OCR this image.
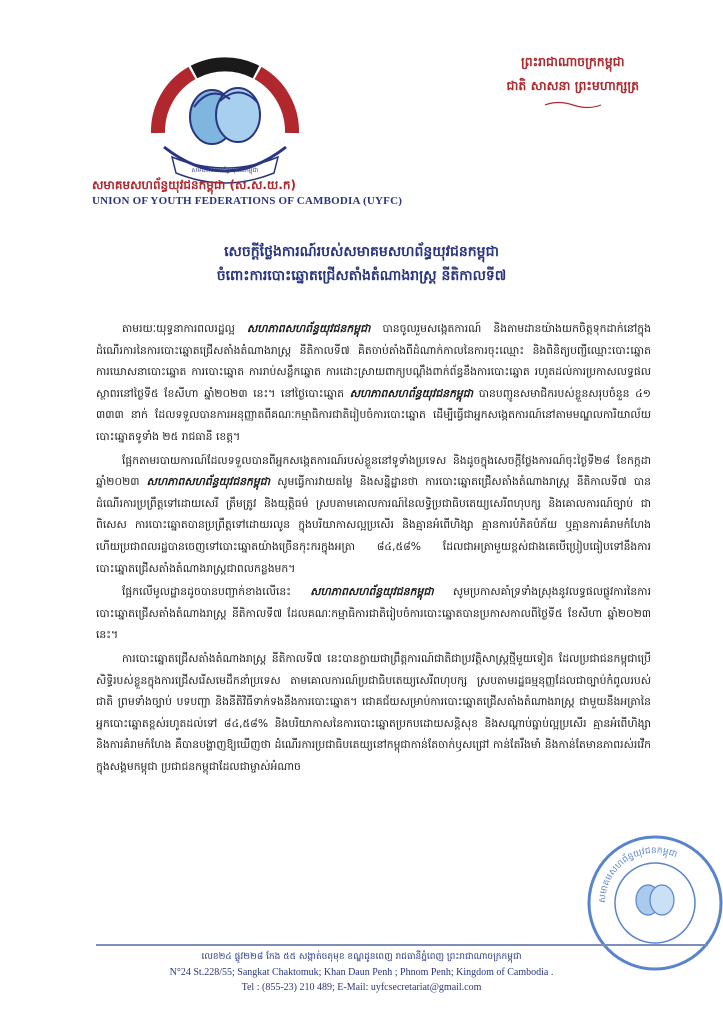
សមាគមសហព័ន្ធយុវជនកម្ពុជា
សមាគមសហព័ន្ធយុវជនកម្ពុជា (ស.ស.យ.ក)
UNION OF YOUTH FEDERATIONS OF CAMBODIA (UYFC)
ព្រះរាជាណាចក្រកម្ពុជា
ជាតិ សាសនា ព្រះមហាក្សត្រ
សេចក្តីថ្លែងការណ៍របស់សមាគមសហព័ន្ធយុវជនកម្ពុជា
ចំពោះការបោះឆ្នោតជ្រើសតាំងតំណាងរាស្ត្រ នីតិកាលទី៧

តាមរយៈយុទ្ធនាការពលរដ្ឋល្អ សហភាពសហព័ន្ធយុវជនកម្ពុជា បានចូលរួមសង្កេតការណ៍ និងតាមដានយ៉ាងយកចិត្តទុកដាក់នៅក្នុងដំណើរការនៃការបោះឆ្នោតជ្រើសតាំងតំណាងរាស្ត្រ នីតិកាលទី៧ គិតចាប់តាំងពីដំណាក់កាលនៃការចុះឈ្មោះ និងពិនិត្យបញ្ជីឈ្មោះបោះឆ្នោត ការឃោសនាបោះឆ្នោត ការបោះឆ្នោត ការរាប់សន្លឹកឆ្នោត ការដោះស្រាយពាក្យបណ្តឹងពាក់ព័ន្ធនឹងការបោះឆ្នោត រហូតដល់ការប្រកាសលទ្ធផលស្ថាពរនៅថ្ងៃទី៥ ខែសីហា ឆ្នាំ២០២៣ នេះ។ នៅថ្ងៃបោះឆ្នោត សហភាពសហព័ន្ធយុវជនកម្ពុជា បានបញ្ជូនសមាជិករបស់ខ្លួនសរុបចំនួន ៤១ ៣៣៣ នាក់ ដែលទទួលបានការអនុញ្ញាតពីគណៈកម្មាធិការជាតិរៀបចំការបោះឆ្នោត ដើម្បីធ្វើជាអ្នកសង្កេតការណ៍នៅតាមមណ្ឌលការិយាល័យបោះឆ្នោតទូទាំង ២៥ រាជធានី ខេត្ត។

ផ្អែកតាមរបាយការណ៍ដែលទទួលបានពីអ្នកសង្កេតការណ៍របស់ខ្លួននៅទូទាំងប្រទេស និងដូចក្នុងសេចក្តីថ្លែងការណ៍ចុះថ្ងៃទី២៨ ខែកក្កដា ឆ្នាំ២០២៣ សហភាពសហព័ន្ធយុវជនកម្ពុជា សូមធ្វើការវាយតម្លៃ និងសន្និដ្ឋានថា ការបោះឆ្នោតជ្រើសតាំងតំណាងរាស្ត្រ នីតិកាលទី៧ បានដំណើរការប្រព្រឹត្តទៅដោយសេរី ត្រឹមត្រូវ និងយុត្តិធម៌ ស្របតាមគោលការណ៍នៃលទ្ធិប្រជាធិបតេយ្យសេរីពហុបក្ស និងគោលការណ៍ច្បាប់ ជាពិសេស ការបោះឆ្នោតបានប្រព្រឹត្តទៅដោយរលូន ក្នុងបរិយាកាសល្អប្រសើរ និងគ្មានអំពើហិង្សា គ្មានការបំភិតបំភ័យ ឬគ្មានការគំរាមកំហែង ហើយប្រជាពលរដ្ឋបានចេញទៅបោះឆ្នោតយ៉ាងច្រើនកុះករក្នុងអត្រា ៨៤,៥៨% ដែលជាអត្រាមួយខ្ពស់ជាងគេបើប្រៀបធៀបទៅនឹងការបោះឆ្នោតជ្រើសតាំងតំណាងរាស្ត្រជាពលកន្លងមក។

ផ្អែកលើមូលដ្ឋានដូចបានបញ្ជាក់ខាងលើនេះ សហភាពសហព័ន្ធយុវជនកម្ពុជា សូមប្រកាសគាំទ្រទាំងស្រុងនូវលទ្ធផលផ្លូវការនៃការបោះឆ្នោតជ្រើសតាំងតំណាងរាស្ត្រ នីតិកាលទី៧ ដែលគណៈកម្មាធិការជាតិរៀបចំការបោះឆ្នោតបានប្រកាសកាលពីថ្ងៃទី៥ ខែសីហា ឆ្នាំ២០២៣ នេះ។

ការបោះឆ្នោតជ្រើសតាំងតំណាងរាស្ត្រ នីតិកាលទី៧ នេះបានក្លាយជាព្រឹត្តការណ៍ជាតិជាប្រវត្តិសាស្ត្រថ្មីមួយទៀត ដែលប្រជាជនកម្ពុជាប្រើសិទ្ធិរបស់ខ្លួនក្នុងការជ្រើសរើសមេដឹកនាំប្រទេស តាមគោលការណ៍ប្រជាធិបតេយ្យសេរីពហុបក្ស ស្របតាមរដ្ឋធម្មនុញ្ញដែលជាច្បាប់កំពូលរបស់ជាតិ ព្រមទាំងច្បាប់ បទបញ្ជា និងនីតិវិធីទាក់ទងនឹងការបោះឆ្នោត។ ជោគជ័យសម្រាប់ការបោះឆ្នោតជ្រើសតាំងតំណាងរាស្ត្រ ជាមួយនឹងអត្រានៃអ្នកបោះឆ្នោតខ្ពស់រហូតដល់ទៅ ៨៤,៥៨% និងបរិយាកាសនៃការបោះឆ្នោតប្រកបដោយសន្តិសុខ និងសណ្តាប់ធ្នាប់ល្អប្រសើរ គ្មានអំពើហិង្សា និងការគំរាមកំហែង គឺបានបង្ហាញឱ្យឃើញថា ដំណើរការប្រជាធិបតេយ្យនៅកម្ពុជាកាន់តែចាក់ឫសជ្រៅ កាន់តែរឹងមាំ និងកាន់តែមានភាពរស់រវើកក្នុងសង្គមកម្ពុជា ប្រជាជនកម្ពុជាដែលជាម្ចាស់អំណាច

សមាគមសហព័ន្ធយុវជនកម្ពុជា
លេខ២៤ ផ្លូវ២២៨ កែង ៥៥ សង្កាត់ចតុមុខ ខណ្ឌដូនពេញ រាជធានីភ្នំពេញ ព្រះរាជាណាចក្រកម្ពុជា
N°24 St.228/55; Sangkat Chaktomuk; Khan Daun Penh ; Phnom Penh; Kingdom of Cambodia .
Tel : (855-23) 210 489; E-Mail: uyfcsecretariat@gmail.com
